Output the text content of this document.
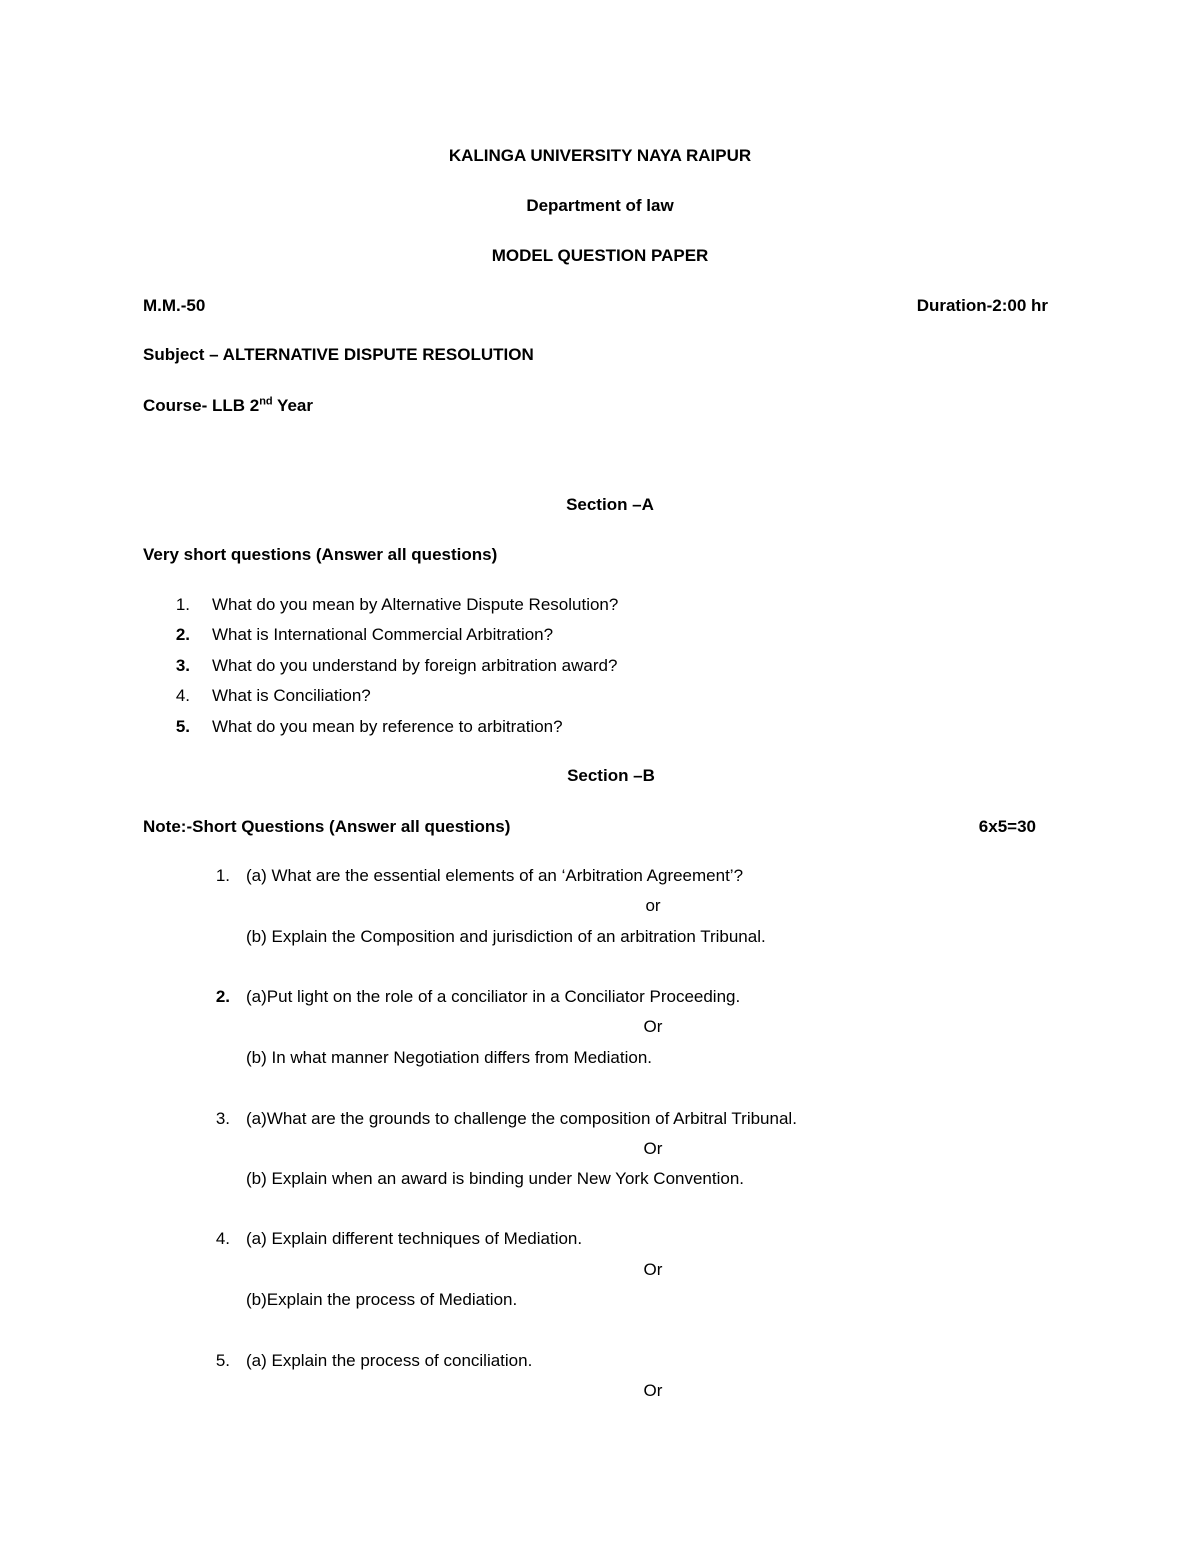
KALINGA UNIVERSITY NAYA RAIPUR
Department of law
MODEL QUESTION PAPER
M.M.-50	Duration-2:00 hr
Subject – ALTERNATIVE DISPUTE RESOLUTION
Course- LLB 2nd Year
Section –A
Very short questions (Answer all questions)
1. What do you mean by Alternative Dispute Resolution?
2. What is International Commercial Arbitration?
3. What do you understand by foreign arbitration award?
4. What is Conciliation?
5. What do you mean by reference to arbitration?
Section –B
Note:-Short Questions (Answer all questions)	6x5=30
1. (a) What are the essential elements of an ‘Arbitration Agreement’?
or
(b) Explain the Composition and jurisdiction of an arbitration Tribunal.
2. (a)Put light on the role of a conciliator in a Conciliator Proceeding.
Or
(b) In what manner Negotiation differs from Mediation.
3. (a)What are the grounds to challenge the composition of Arbitral Tribunal.
Or
(b) Explain when an award is binding under New York Convention.
4. (a) Explain different techniques of Mediation.
Or
(b)Explain the process of Mediation.
5. (a) Explain the process of conciliation.
Or
